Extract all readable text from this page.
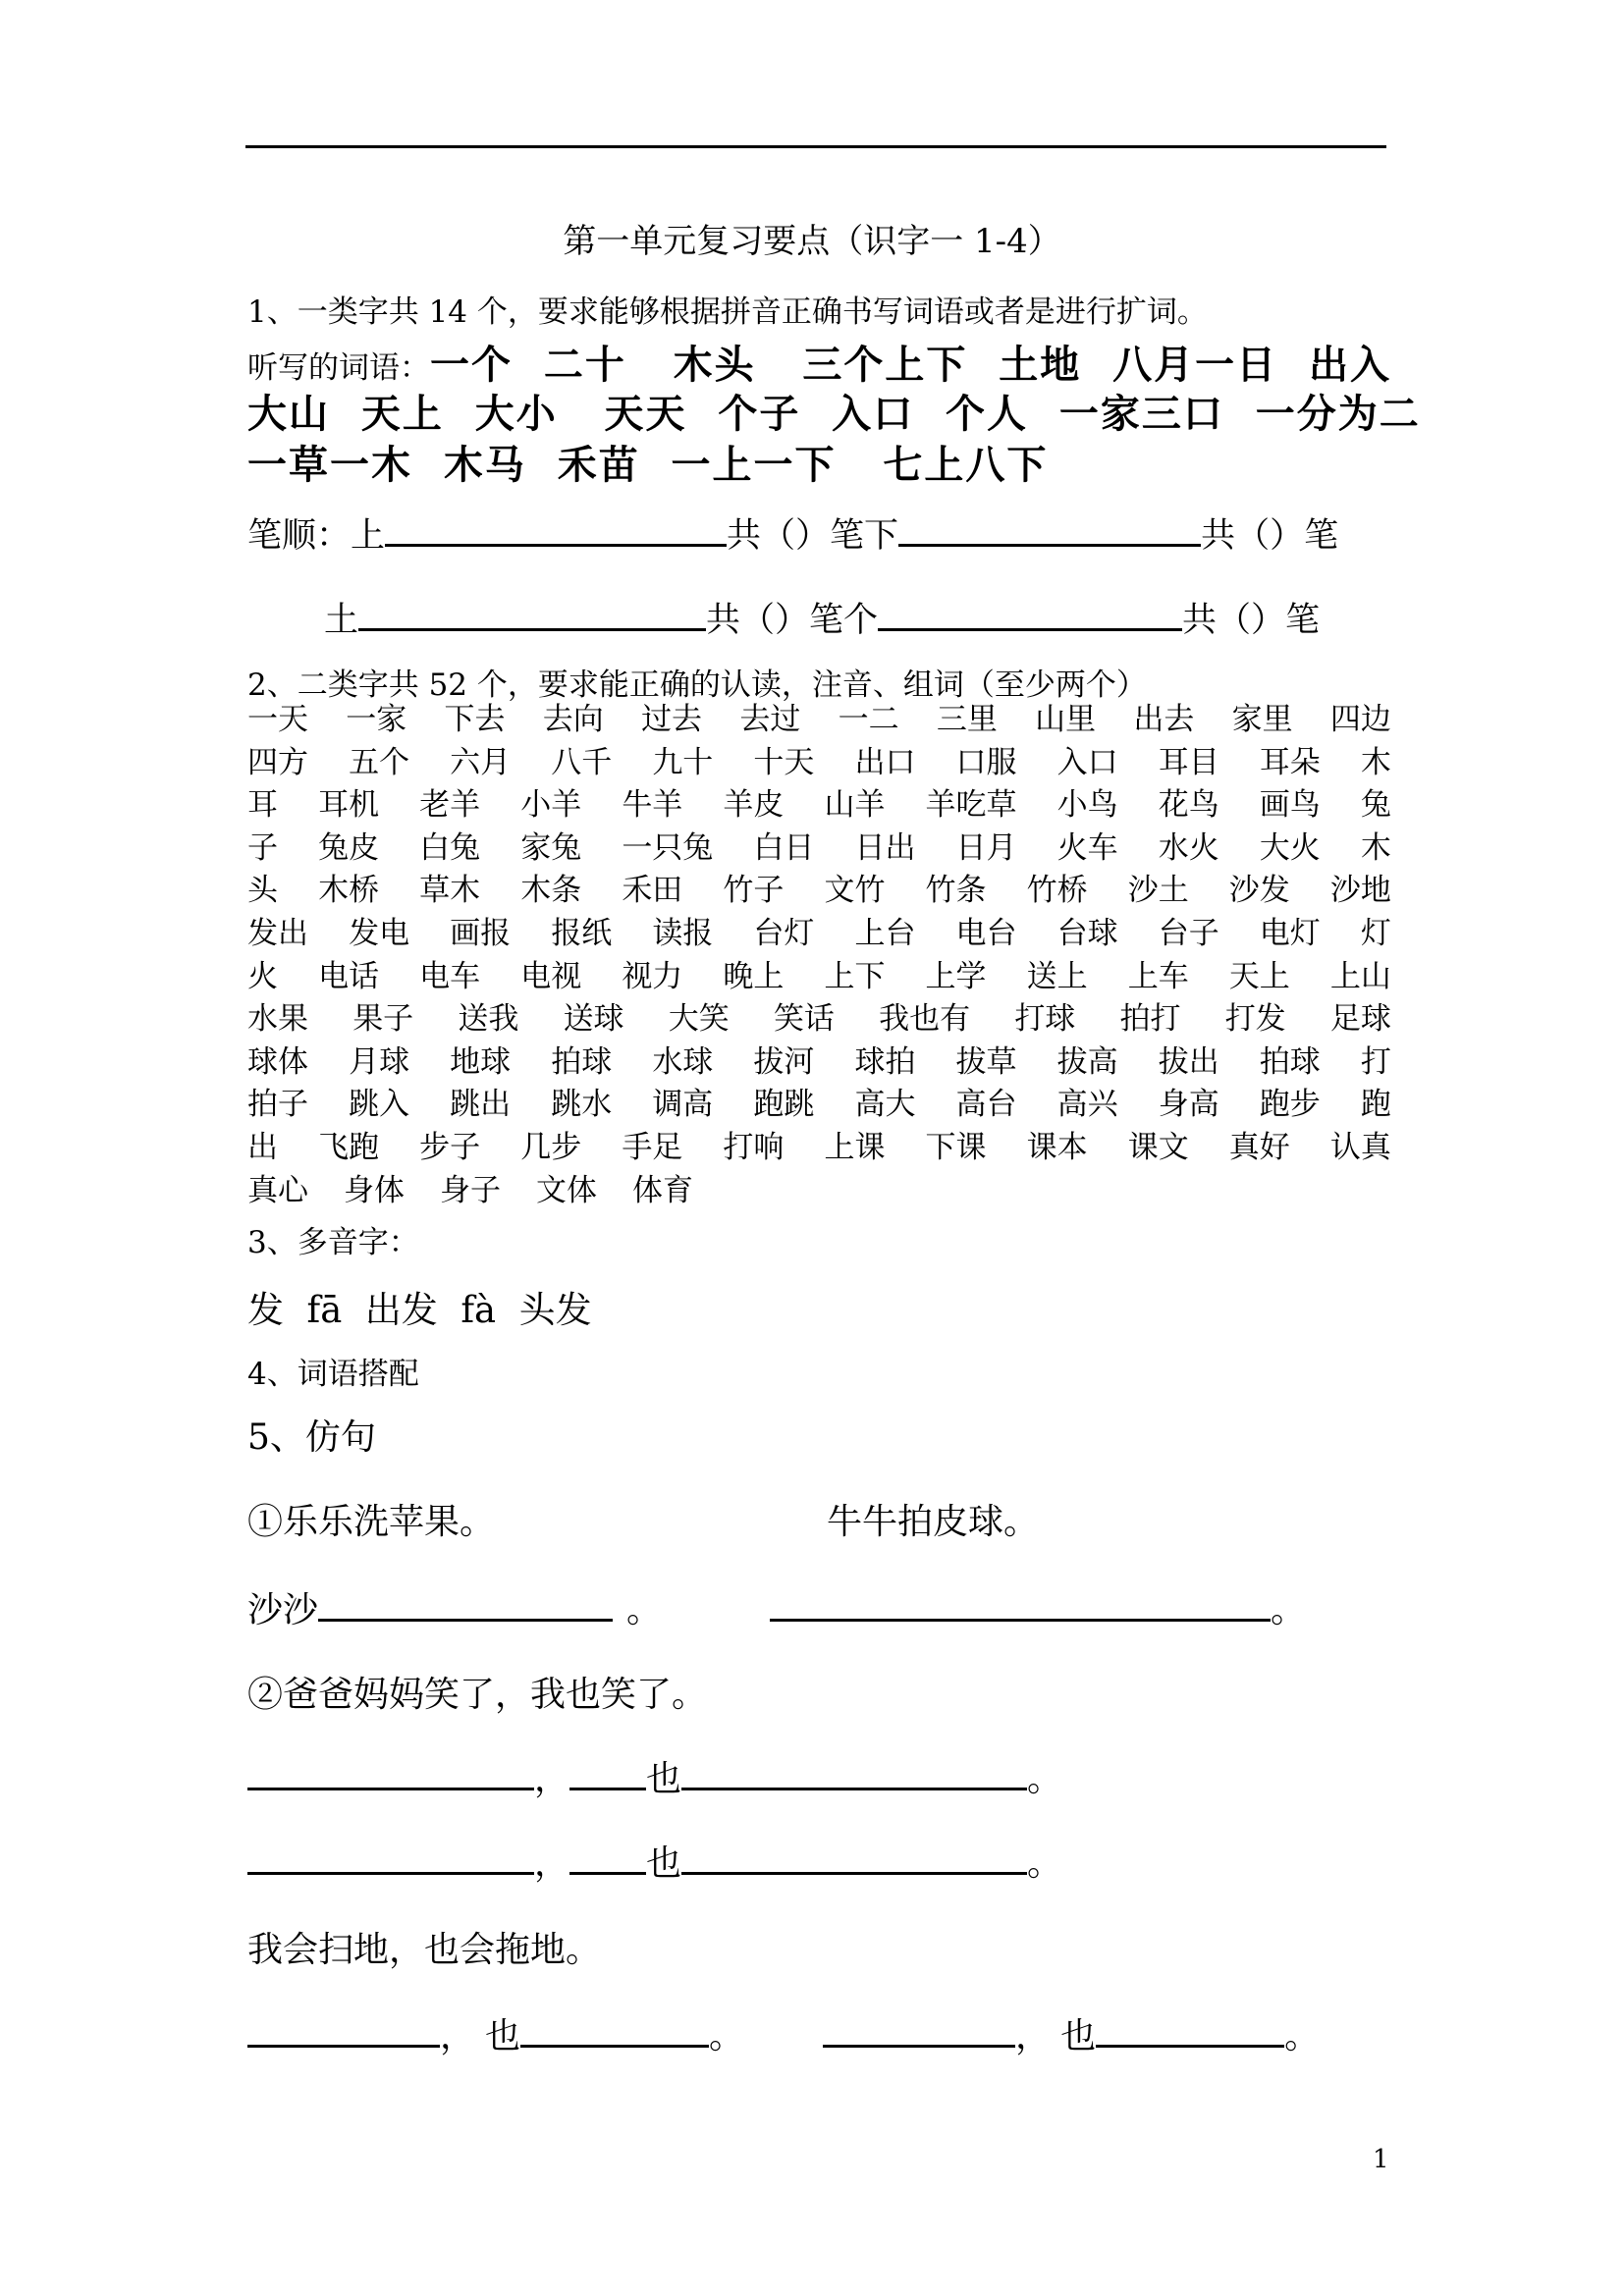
第一单元复习要点（识字一 1-4）
1、一类字共 14 个，要求能够根据拼音正确书写词语或者是进行扩词。
听写的词语：一个  二十   木头   三个上下  土地  八月一日  出入
大山  天上  大小   天天  个子  入口  个人  一家三口  一分为二
一草一木  木马  禾苗  一上一下   七上八下
笔顺：上	共（）笔下	共（）笔
土	共（）笔个	共（）笔
2、二类字共 52 个，要求能正确的认读，注音、组词（至少两个）
一天 一家 下去 去向 过去 去过 一二 三里 山里 出去 家里 四边
四方 五个 六月 八千 九十 十天 出口 口服 入口 耳目 耳朵 木
耳 耳机 老羊 小羊 牛羊 羊皮 山羊 羊吃草 小鸟 花鸟 画鸟 兔
子 兔皮 白兔 家兔 一只兔 白日 日出 日月 火车 水火 大火 木
头 木桥 草木 木条 禾田 竹子 文竹 竹条 竹桥 沙土 沙发 沙地
发出 发电 画报 报纸 读报 台灯 上台 电台 台球 台子 电灯 灯
火 电话 电车 电视 视力 晚上 上下 上学 送上 上车 天上 上山
水果 果子 送我 送球 大笑 笑话 我也有 打球 拍打 打发 足球
球体 月球 地球 拍球 水球 拔河 球拍 拔草 拔高 拔出 拍球 打
拍子 跳入 跳出 跳水 调高 跑跳 高大 高台 高兴 身高 跑步 跑
出 飞跑 步子 几步 手足 打响 上课 下课 课本 课文 真好 认真
真心 身体 身子 文体 体育
3、多音字：
发  fā  出发  fà  头发
4、词语搭配
5、仿句
①乐乐洗苹果。	牛牛拍皮球。
沙沙	。	。
②爸爸妈妈笑了，我也笑了。
， 也	。
， 也	。
我会扫地，也会拖地。
， 也	。	， 也	。
1
